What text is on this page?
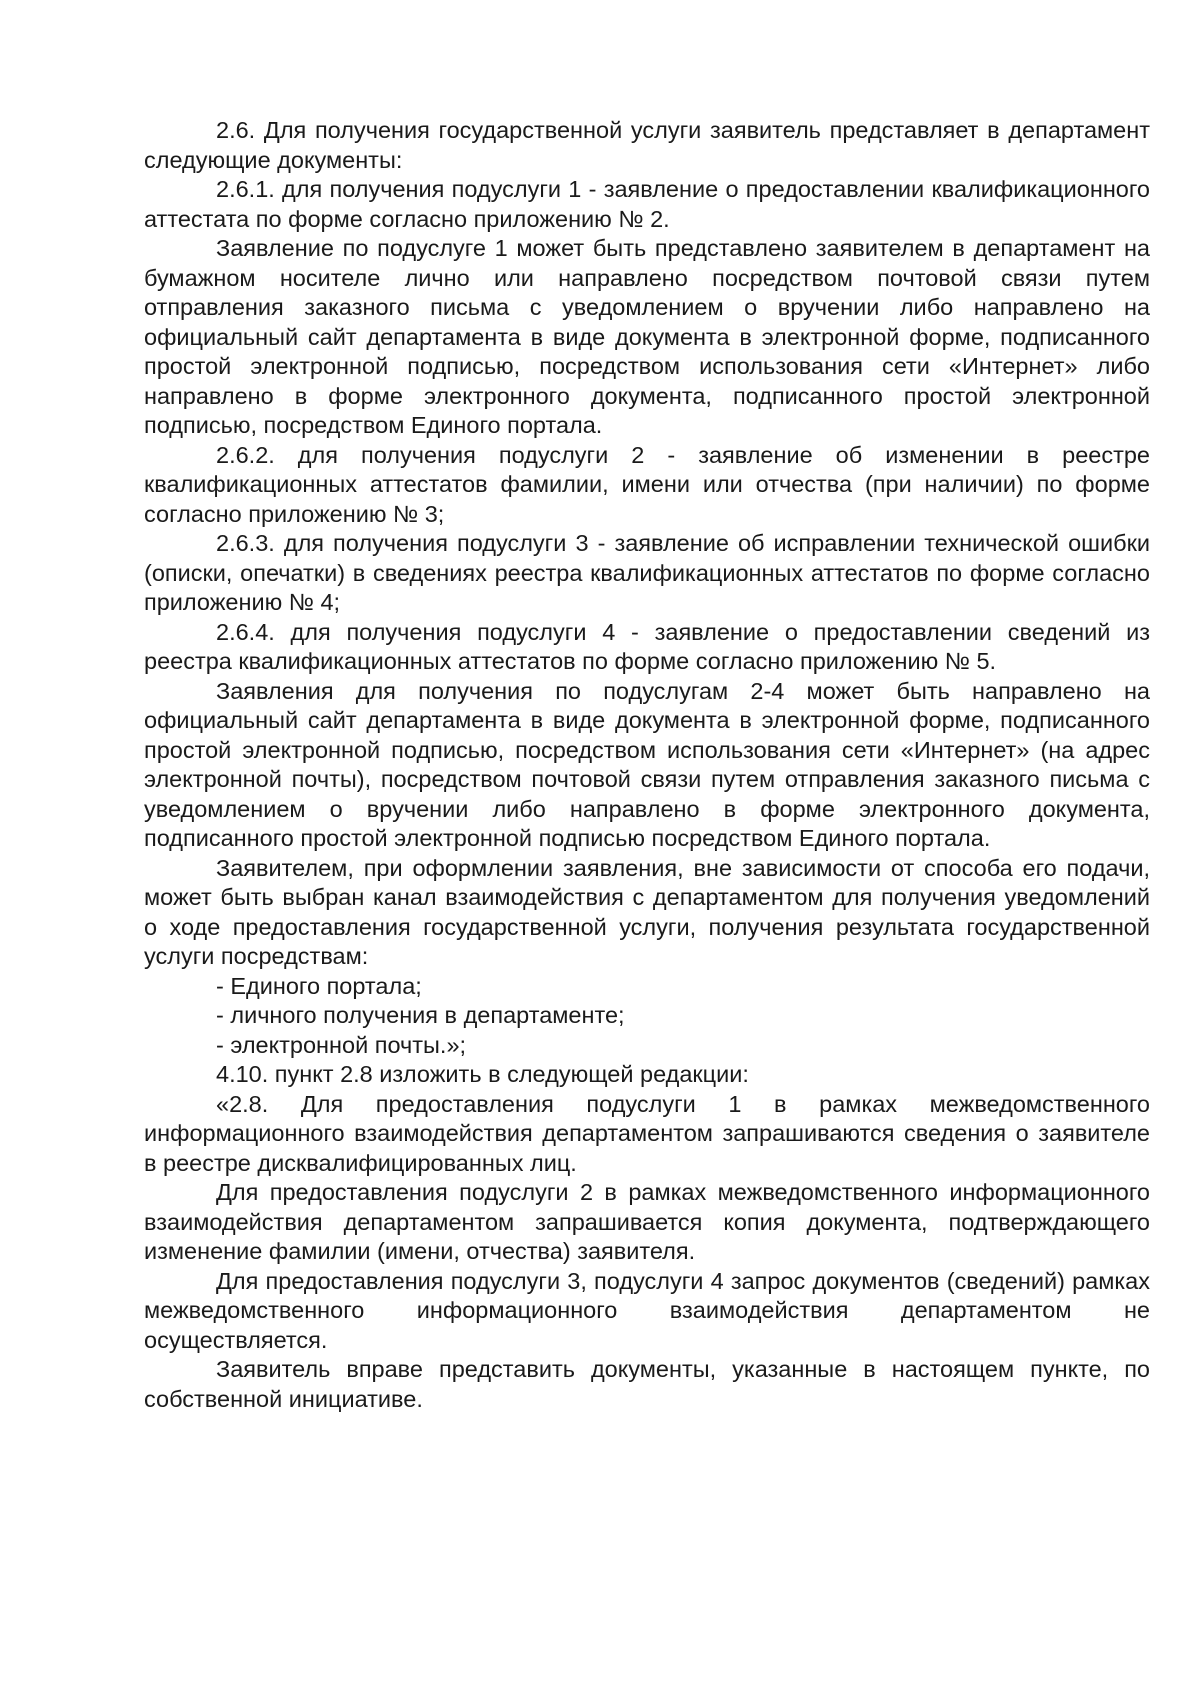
2.6. Для получения государственной услуги заявитель представляет в департамент следующие документы:

2.6.1. для получения подуслуги 1 - заявление о предоставлении квалификационного аттестата по форме согласно приложению № 2.

Заявление по подуслуге 1 может быть представлено заявителем в департамент на бумажном носителе лично или направлено посредством почтовой связи путем отправления заказного письма с уведомлением о вручении либо направлено на официальный сайт департамента в виде документа в электронной форме, подписанного простой электронной подписью, посредством использования сети «Интернет» либо направлено в форме электронного документа, подписанного простой электронной подписью, посредством Единого портала.

2.6.2. для получения подуслуги 2 - заявление об изменении в реестре квалификационных аттестатов фамилии, имени или отчества (при наличии) по форме согласно приложению № 3;

2.6.3. для получения подуслуги 3 - заявление об исправлении технической ошибки (описки, опечатки) в сведениях реестра квалификационных аттестатов по форме согласно приложению № 4;

2.6.4. для получения подуслуги 4 - заявление о предоставлении сведений из реестра квалификационных аттестатов по форме согласно приложению № 5.

Заявления для получения по подуслугам 2-4 может быть направлено на официальный сайт департамента в виде документа в электронной форме, подписанного простой электронной подписью, посредством использования сети «Интернет» (на адрес электронной почты), посредством почтовой связи путем отправления заказного письма с уведомлением о вручении либо направлено в форме электронного документа, подписанного простой электронной подписью посредством Единого портала.

Заявителем, при оформлении заявления, вне зависимости от способа его подачи, может быть выбран канал взаимодействия с департаментом для получения уведомлений о ходе предоставления государственной услуги, получения результата государственной услуги посредствам:

- Единого портала;

- личного получения в департаменте;

- электронной почты.»;

4.10. пункт 2.8 изложить в следующей редакции:

«2.8. Для предоставления подуслуги 1 в рамках межведомственного информационного взаимодействия департаментом запрашиваются сведения о заявителе в реестре дисквалифицированных лиц.

Для предоставления подуслуги 2 в рамках межведомственного информационного взаимодействия департаментом запрашивается копия документа, подтверждающего изменение фамилии (имени, отчества) заявителя.

Для предоставления подуслуги 3, подуслуги 4 запрос документов (сведений) рамках межведомственного информационного взаимодействия департаментом не осуществляется.

Заявитель вправе представить документы, указанные в настоящем пункте, по собственной инициативе.
